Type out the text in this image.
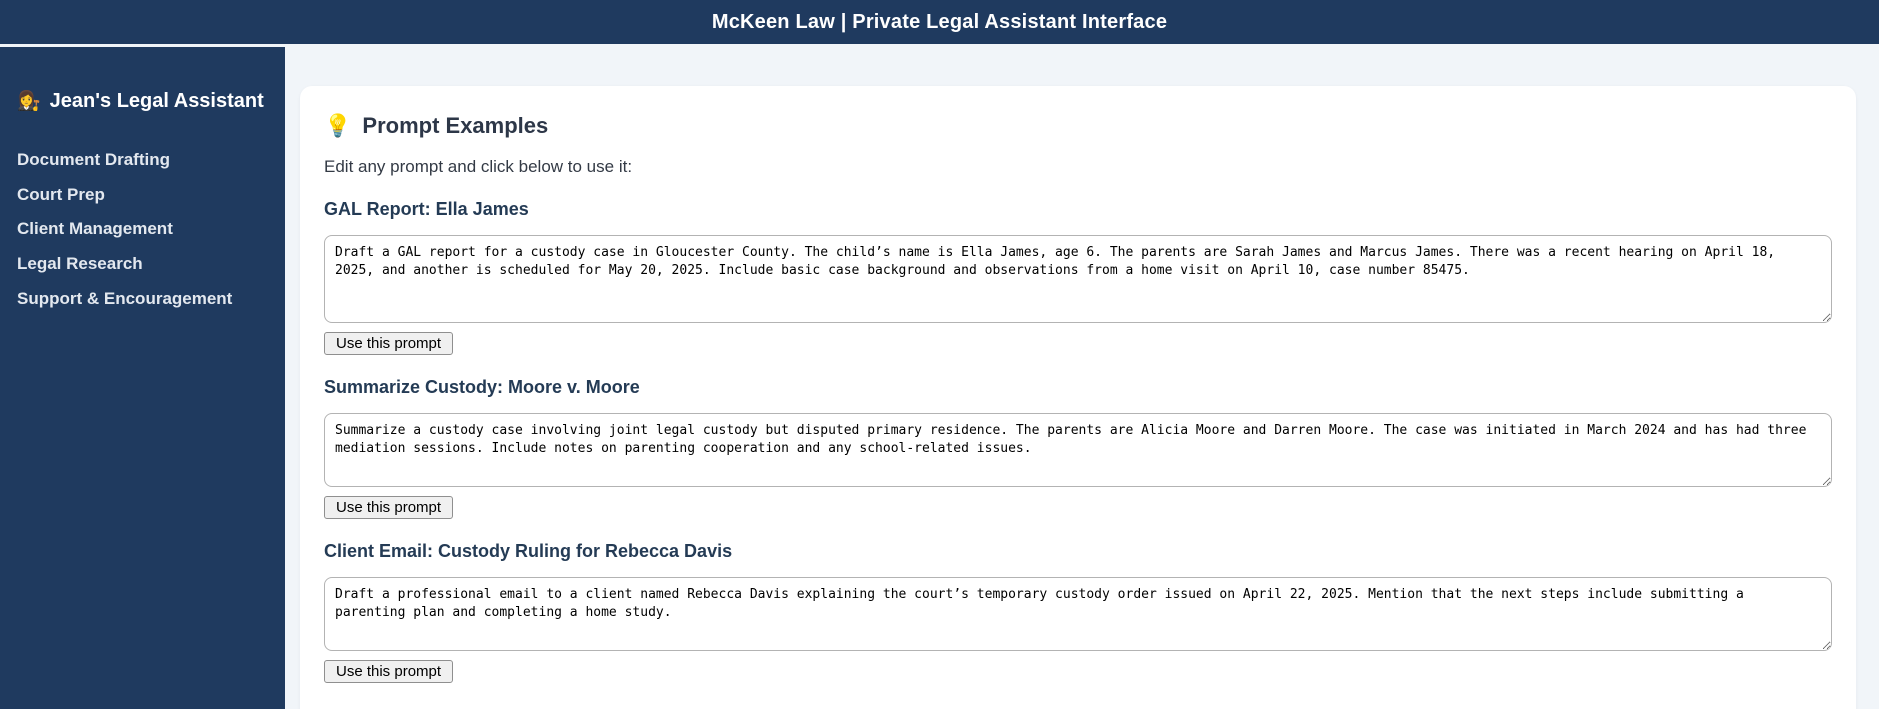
McKeen Law | Private Legal Assistant Interface
👩‍⚖️ Jean's Legal Assistant
Document Drafting
Court Prep
Client Management
Legal Research
Support & Encouragement
💡 Prompt Examples
Edit any prompt and click below to use it:
GAL Report: Ella James
Draft a GAL report for a custody case in Gloucester County. The child’s name is Ella James, age 6. The parents are Sarah James and Marcus James. There was a recent hearing on April 18, 2025, and another is scheduled for May 20, 2025. Include basic case background and observations from a home visit on April 10, case number 85475. Use this prompt
Summarize Custody: Moore v. Moore
Summarize a custody case involving joint legal custody but disputed primary residence. The parents are Alicia Moore and Darren Moore. The case was initiated in March 2024 and has had three mediation sessions. Include notes on parenting cooperation and any school-related issues. Use this prompt
Client Email: Custody Ruling for Rebecca Davis
Draft a professional email to a client named Rebecca Davis explaining the court’s temporary custody order issued on April 22, 2025. Mention that the next steps include submitting a parenting plan and completing a home study. Use this prompt
